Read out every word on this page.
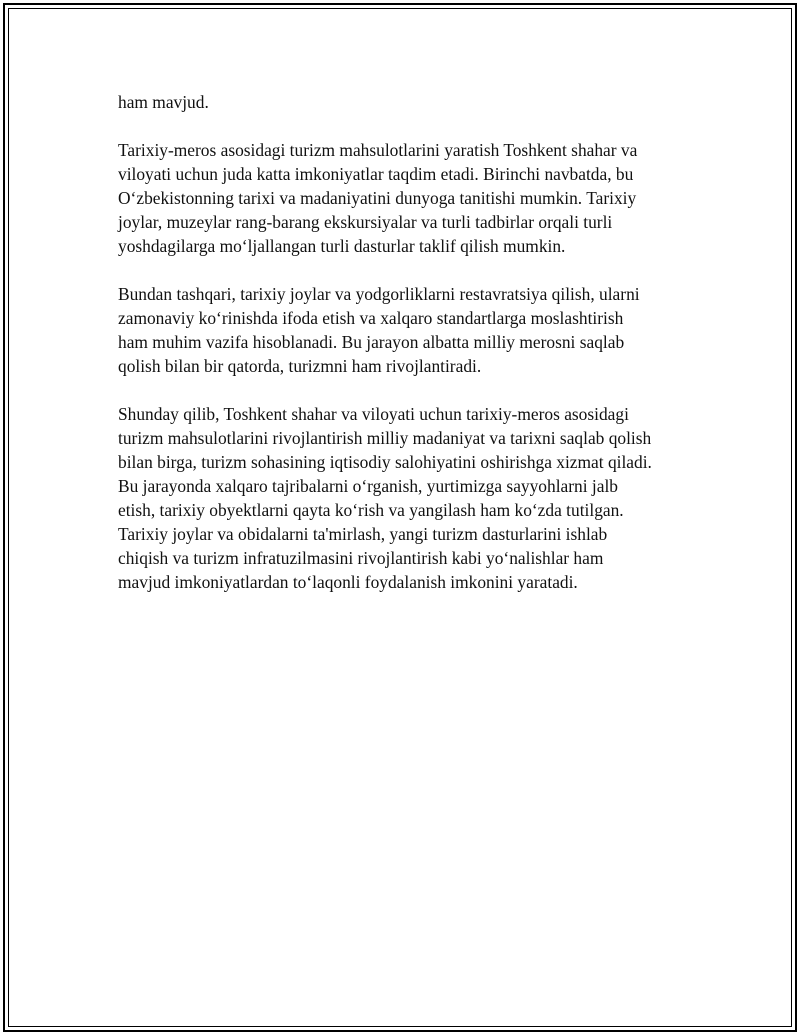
ham mavjud.

Tarixiy-meros asosidagi turizm mahsulotlarini yaratish Toshkent shahar va
viloyati uchun juda katta imkoniyatlar taqdim etadi. Birinchi navbatda, bu
O‘zbekistonning tarixi va madaniyatini dunyoga tanitishi mumkin. Tarixiy
joylar, muzeylar rang-barang ekskursiyalar va turli tadbirlar orqali turli
yoshdagilarga mo‘ljallangan turli dasturlar taklif qilish mumkin.

Bundan tashqari, tarixiy joylar va yodgorliklarni restavratsiya qilish, ularni
zamonaviy ko‘rinishda ifoda etish va xalqaro standartlarga moslashtirish
ham muhim vazifa hisoblanadi. Bu jarayon albatta milliy merosni saqlab
qolish bilan bir qatorda, turizmni ham rivojlantiradi.

Shunday qilib, Toshkent shahar va viloyati uchun tarixiy-meros asosidagi
turizm mahsulotlarini rivojlantirish milliy madaniyat va tarixni saqlab qolish
bilan birga, turizm sohasining iqtisodiy salohiyatini oshirishga xizmat qiladi.
Bu jarayonda xalqaro tajribalarni o‘rganish, yurtimizga sayyohlarni jalb
etish, tarixiy obyektlarni qayta ko‘rish va yangilash ham ko‘zda tutilgan.
Tarixiy joylar va obidalarni ta'mirlash, yangi turizm dasturlarini ishlab
chiqish va turizm infratuzilmasini rivojlantirish kabi yo‘nalishlar ham
mavjud imkoniyatlardan to‘laqonli foydalanish imkonini yaratadi.
